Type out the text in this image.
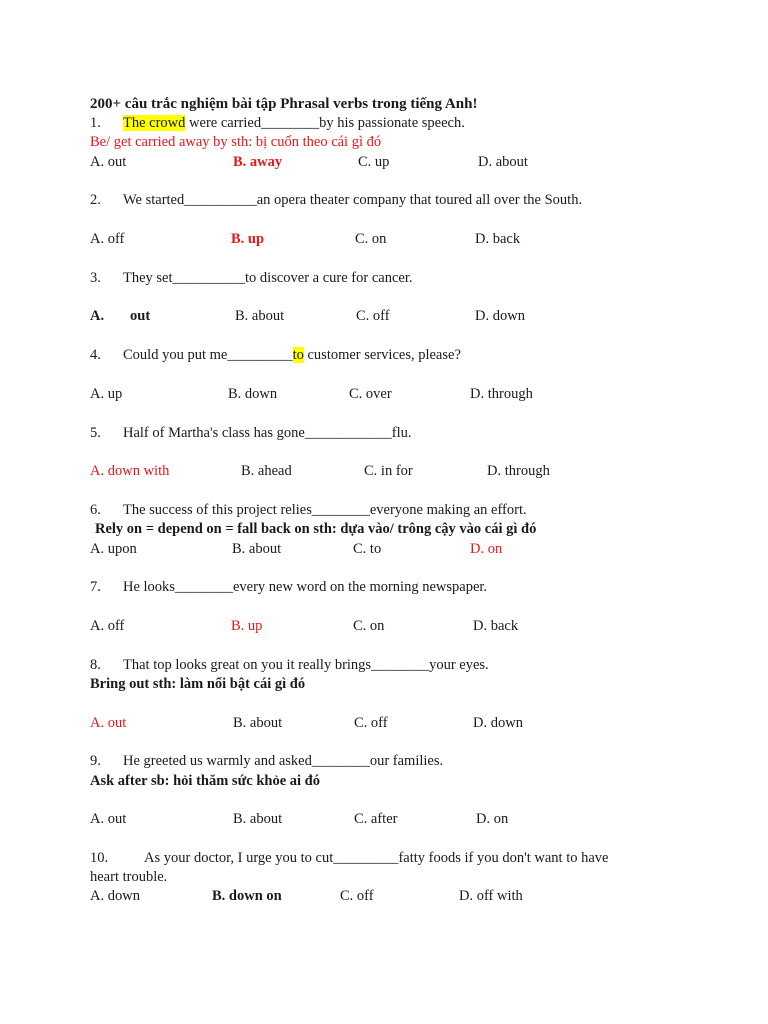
200+ câu trắc nghiệm bài tập Phrasal verbs trong tiếng Anh!
1. The crowd were carried________by his passionate speech.
Be/ get carried away by sth: bị cuốn theo cái gì đó
A. out	B. away	C. up	D. about
2. We started__________an opera theater company that toured all over the South.
A. off	B. up	C. on	D. back
3. They set__________to discover a cure for cancer.
A. out	B. about	C. off	D. down
4. Could you put me_________to customer services, please?
A. up	B. down	C. over	D. through
5. Half of Martha's class has gone____________flu.
A. down with	B. ahead	C. in for	D. through
6. The success of this project relies________everyone making an effort.
Rely on = depend on = fall back on sth: dựa vào/ trông cậy vào cái gì đó
A. upon	B. about	C. to	D. on
7. He looks________every new word on the morning newspaper.
A. off	B. up	C. on	D. back
8. That top looks great on you it really brings________your eyes.
Bring out sth: làm nổi bật cái gì đó
A. out	B. about	C. off	D. down
9. He greeted us warmly and asked________our families.
Ask after sb: hỏi thăm sức khỏe ai đó
A. out	B. about	C. after	D. on
10. As your doctor, I urge you to cut_________fatty foods if you don't want to have
heart trouble.
A. down	B. down on	C. off	D. off with
